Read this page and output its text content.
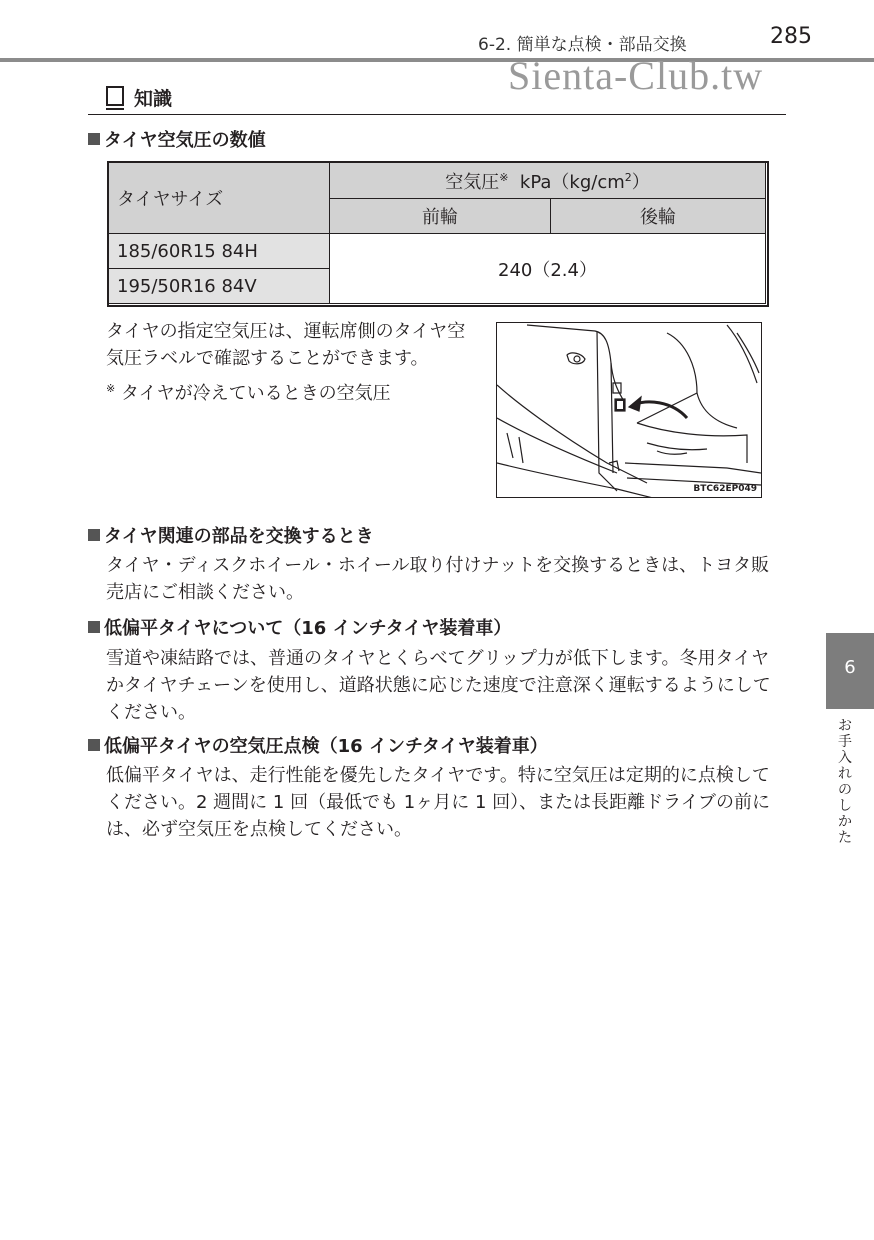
6-2. 簡単な点検・部品交換	285
Sienta-Club.tw
知識
タイヤ空気圧の数値
タイヤサイズ	空気圧※ $kPa(kg/cm^2)$	
	前輪	後輪
185/60R15 84H	240（2.4）	
195/50R16 84V		
タイヤの指定空気圧は、運転席側のタイヤ空気圧ラベルで確認することができます。
※ タイヤが冷えているときの空気圧
BTC62EP049
タイヤ関連の部品を交換するとき
タイヤ・ディスクホイール・ホイール取り付けナットを交換するときは、トヨタ販売店にご相談ください。
低偏平タイヤについて（16 インチタイヤ装着車）
雪道や凍結路では、普通のタイヤとくらべてグリップ力が低下します。冬用タイヤかタイヤチェーンを使用し、道路状態に応じた速度で注意深く運転するようにしてください。
低偏平タイヤの空気圧点検（16 インチタイヤ装着車）
低偏平タイヤは、走行性能を優先したタイヤです。特に空気圧は定期的に点検してください。2 週間に 1 回（最低でも 1ヶ月に 1 回）、または長距離ドライブの前には、必ず空気圧を点検してください。
6
お手入れのしかた
